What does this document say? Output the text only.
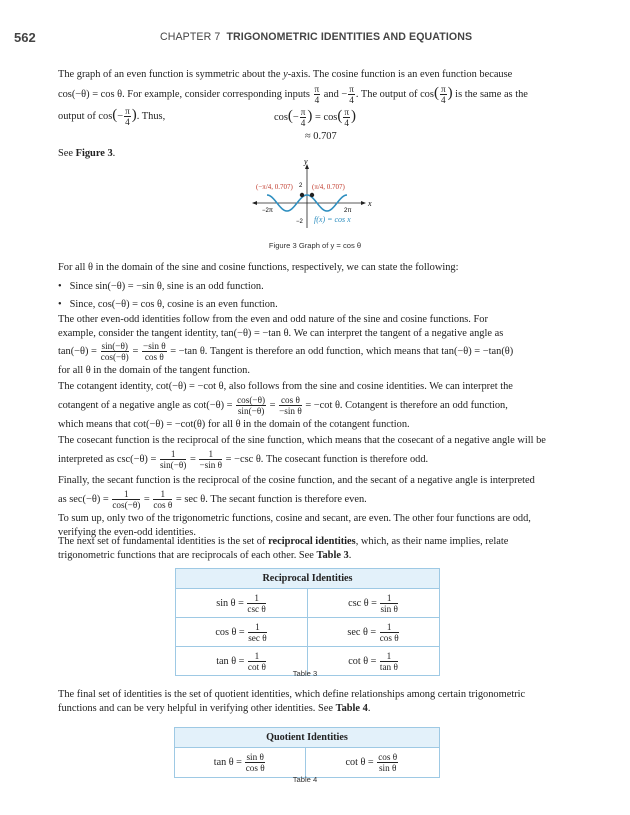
562	CHAPTER 7 TRIGONOMETRIC IDENTITIES AND EQUATIONS

The graph of an even function is symmetric about the y-axis. The cosine function is an even function because

cos(−θ) = cos θ. For example, consider corresponding inputs $\frac{\pi}{4}$ and − $\frac{\pi}{4}$ . The output of $\cos( \frac{\pi}{4}$ ) is the same as the

output of $\cos(- \frac{\pi}{4}$ ). Thus,	$\cos(- \frac{\pi}{4}$ ) = $\cos( \frac{\pi}{4}$ )

≈ 0.707

See Figure 3.

x
y
−2π	2π
2
−2
(−π/4, 0.707)	(π/4, 0.707)
f(x) = cos x
Figure 3 Graph of y = cos θ

For all θ in the domain of the sine and cosine functions, respectively, we can state the following:

• Since sin(−θ) = −sin θ, sine is an odd function.

• Since, cos(−θ) = cos θ, cosine is an even function.

The other even-odd identities follow from the even and odd nature of the sine and cosine functions. For

example, consider the tangent identity, tan(−θ) = −tan θ. We can interpret the tangent of a negative angle as

$\tan(-\theta) = \frac{\sin(-\theta)}{\cos(-\theta)} = \frac{\text{−sin θ}}{\text{cos θ}} = -\tan$ θ. Tangent is therefore an odd function, which means that tan(−θ) = −tan(θ)

for all θ in the domain of the tangent function.

The cotangent identity, cot(−θ) = −cot θ, also follows from the sine and cosine identities. We can interpret the

cotangent of a negative angle as $\cot(-\theta) = \frac{\cos(-\theta)}{\sin(-\theta)} = \frac{\text{cos θ}}{\text{−sin θ}} = -\cot$ θ. Cotangent is therefore an odd function,

which means that cot(−θ) = −cot(θ) for all θ in the domain of the cotangent function.

The cosecant function is the reciprocal of the sine function, which means that the cosecant of a negative angle will be

interpreted as $\csc(-\theta) = \frac{1}{\sin(-\theta)} = \frac{1}{\text{−sin θ}} = -\csc$ θ. The cosecant function is therefore odd.

Finally, the secant function is the reciprocal of the cosine function, and the secant of a negative angle is interpreted

as $\sec(-\theta) = \frac{1}{\cos(-\theta)} = \frac{1}{\text{cos θ}} = \sec \theta$. The secant function is therefore even.

To sum up, only two of the trigonometric functions, cosine and secant, are even. The other four functions are odd, verifying the even-odd identities.

The next set of fundamental identities is the set of reciprocal identities, which, as their name implies, relate trigonometric functions that are reciprocals of each other. See Table 3.

Reciprocal Identities	
$\sin \theta = \frac{1}{\text{csc θ}}$	$\csc \theta = \frac{1}{\text{sin θ}}$

$\cos \theta = \frac{1}{\text{sec θ}}$	$\sec \theta = \frac{1}{\text{cos θ}}$

$\tan \theta = \frac{1}{\text{cot θ}}$	$\cot \theta = \frac{1}{\text{tan θ}}$
Table 3

The final set of identities is the set of quotient identities, which define relationships among certain trigonometric functions and can be very helpful in verifying other identities. See Table 4.

Quotient Identities
$\tan \theta = \frac{\text{sin θ}}{\text{cos θ}}$	$\cot \theta = \frac{\text{cos θ}}{\text{sin θ}}$
Table 4
